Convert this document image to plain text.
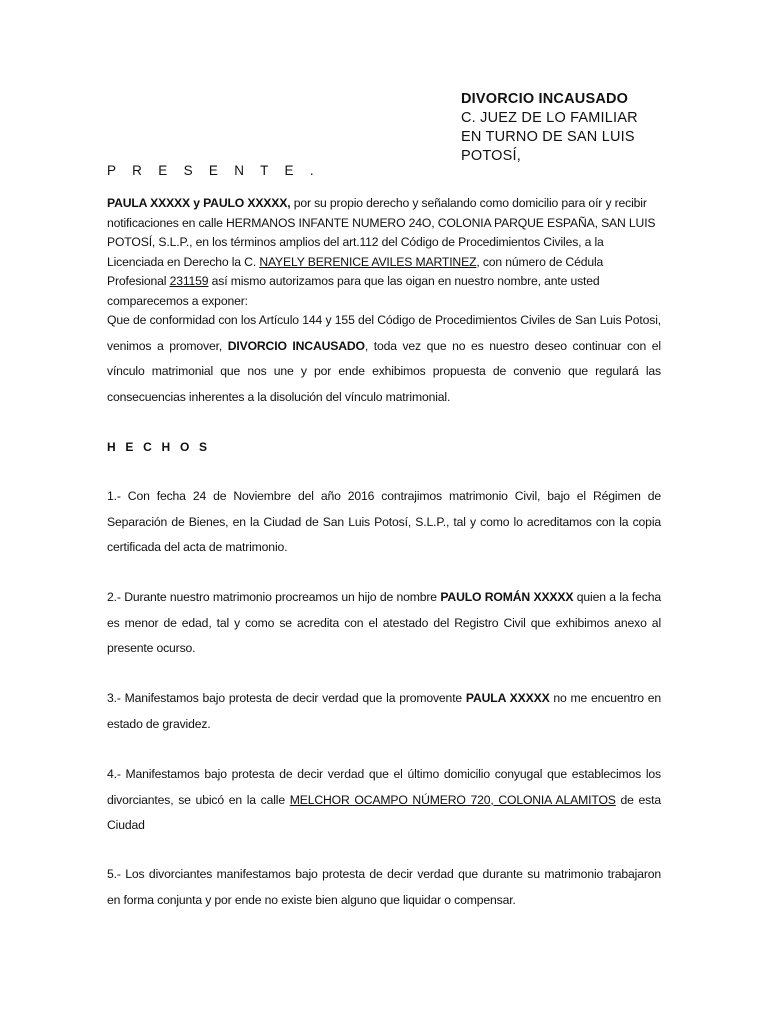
DIVORCIO INCAUSADO
C. JUEZ DE LO FAMILIAR
EN TURNO DE SAN LUIS
POTOSÍ,
P R E S E N T E .
PAULA XXXXX y PAULO XXXXX, por su propio derecho y señalando como domicilio para oír y recibir notificaciones en calle HERMANOS INFANTE NUMERO 24O, COLONIA PARQUE ESPAÑA, SAN LUIS POTOSÍ, S.L.P., en los términos amplios del art.112 del Código de Procedimientos Civiles, a la Licenciada en Derecho la C. NAYELY BERENICE AVILES MARTINEZ, con número de Cédula Profesional 231159 así mismo autorizamos para que las oigan en nuestro nombre, ante usted comparecemos a exponer:
Que de conformidad con los Artículo 144 y 155 del Código de Procedimientos Civiles de San Luis Potosi, venimos a promover, DIVORCIO INCAUSADO, toda vez que no es nuestro deseo continuar con el vínculo matrimonial que nos une y por ende exhibimos propuesta de convenio que regulará las consecuencias inherentes a la disolución del vínculo matrimonial.
H E C H O S
1.- Con fecha 24 de Noviembre del año 2016 contrajimos matrimonio Civil, bajo el Régimen de Separación de Bienes, en la Ciudad de San Luis Potosí, S.L.P., tal y como lo acreditamos con la copia certificada del acta de matrimonio.
2.- Durante nuestro matrimonio procreamos un hijo de nombre PAULO ROMÁN XXXXX quien a la fecha es menor de edad, tal y como se acredita con el atestado del Registro Civil que exhibimos anexo al presente ocurso.
3.- Manifestamos bajo protesta de decir verdad que la promovente PAULA XXXXX no me encuentro en estado de gravidez.
4.- Manifestamos bajo protesta de decir verdad que el último domicilio conyugal que establecimos los divorciantes, se ubicó en la calle MELCHOR OCAMPO NÚMERO 720, COLONIA ALAMITOS de esta Ciudad
5.- Los divorciantes manifestamos bajo protesta de decir verdad que durante su matrimonio trabajaron en forma conjunta y por ende no existe bien alguno que liquidar o compensar.
